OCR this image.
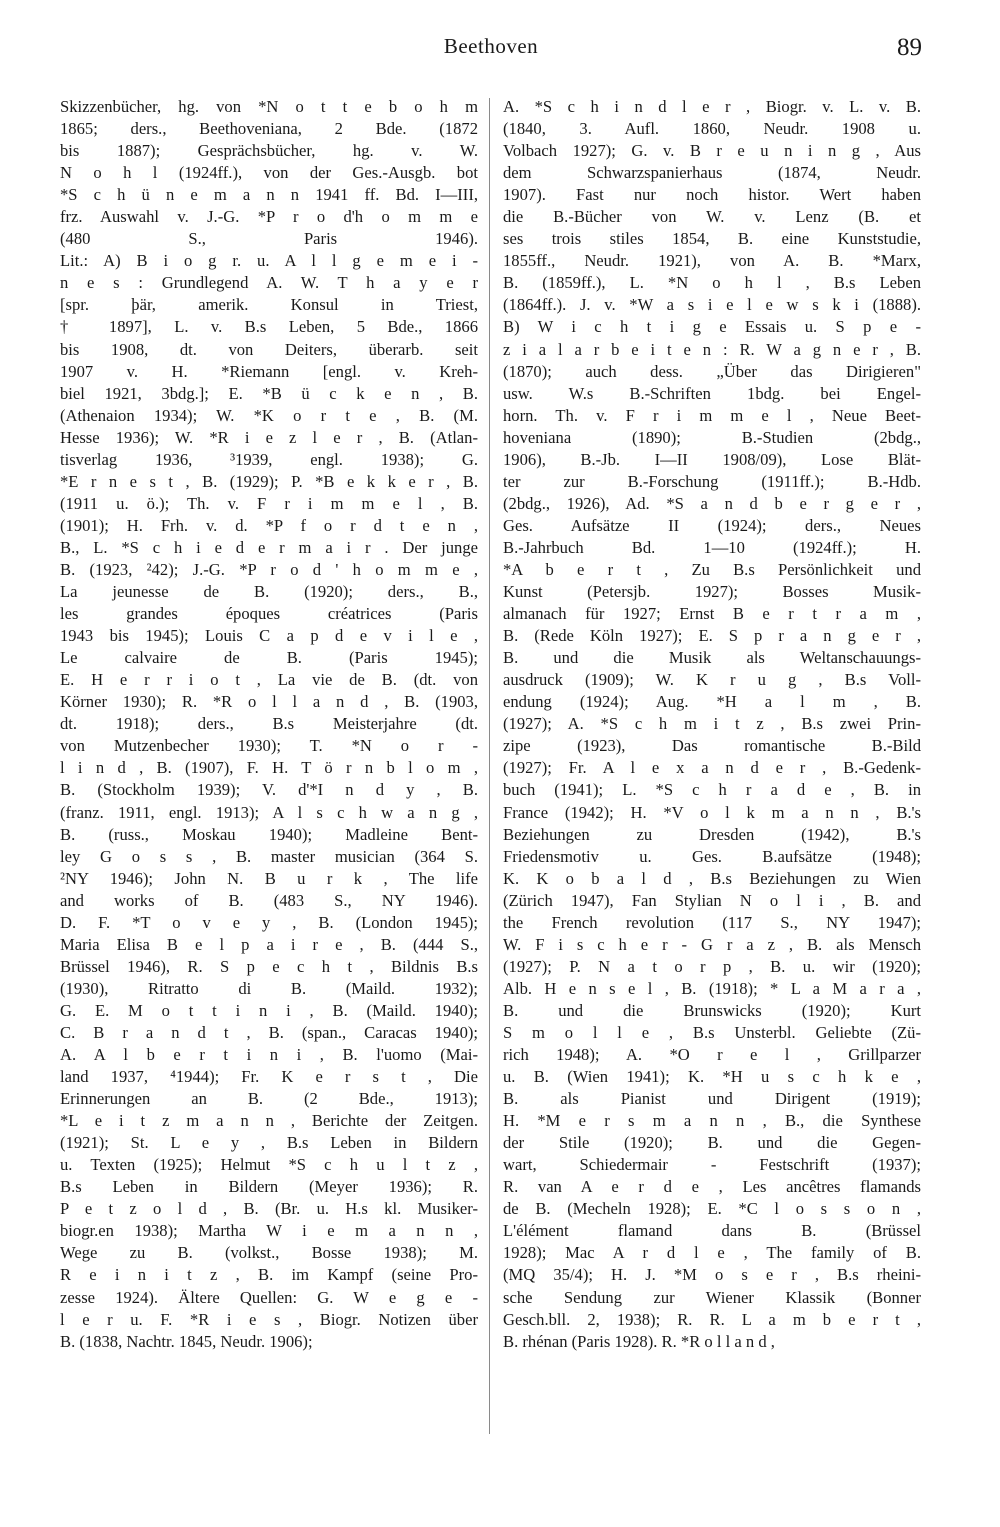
Beethoven	89
Skizzenbücher, hg. von *N o t t e b o h m
1865; ders., Beethoveniana, 2 Bde. (1872
bis 1887); Gesprächsbücher, hg. v. W.
N o h l (1924ff.), von der Ges.-Ausgb. bot
*S c h ü n e m a n n 1941 ff. Bd. I—III,
frz. Auswahl v. J.-G. *P r o d'h o m m e
(480 S., Paris 1946).
Lit.: A) B i o g r. u. A l l g e m e i -
n e s : Grundlegend A. W. T h a y e r
[spr. þär, amerik. Konsul in Triest,
† 1897], L. v. B.s Leben, 5 Bde., 1866
bis 1908, dt. von Deiters, überarb. seit
1907 v. H. *Riemann [engl. v. Kreh-
biel 1921, 3bdg.]; E. *B ü c k e n , B.
(Athenaion 1934); W. *K o r t e , B. (M.
Hesse 1936); W. *R i e z l e r , B. (Atlan-
tisverlag 1936, ³1939, engl. 1938); G.
*E r n e s t , B. (1929); P. *B e k k e r , B.
(1911 u. ö.); Th. v. F r i m m e l , B.
(1901); H. Frh. v. d. *P f o r d t e n ,
B., L. *S c h i e d e r m a i r . Der junge
B. (1923, ²42); J.-G. *P r o d ' h o m m e ,
La jeunesse de B. (1920); ders., B.,
les grandes époques créatrices (Paris
1943 bis 1945); Louis C a p d e v i l e ,
Le calvaire de B. (Paris 1945);
E. H e r r i o t , La vie de B. (dt. von
Körner 1930); R. *R o l l a n d , B. (1903,
dt. 1918); ders., B.s Meisterjahre (dt.
von Mutzenbecher 1930); T. *N o r -
l i n d , B. (1907), F. H. T ö r n b l o m ,
B. (Stockholm 1939); V. d'*I n d y , B.
(franz. 1911, engl. 1913); A l s c h w a n g ,
B. (russ., Moskau 1940); Madleine Bent-
ley G o s s , B. master musician (364 S.
²NY 1946); John N. B u r k , The life
and works of B. (483 S., NY 1946).
D. F. *T o v e y , B. (London 1945);
Maria Elisa B e l p a i r e , B. (444 S.,
Brüssel 1946), R. S p e c h t , Bildnis B.s
(1930), Ritratto di B. (Maild. 1932);
G. E. M o t t i n i , B. (Maild. 1940);
C. B r a n d t , B. (span., Caracas 1940);
A. A l b e r t i n i , B. l'uomo (Mai-
land 1937, ⁴1944); Fr. K e r s t , Die
Erinnerungen an B. (2 Bde., 1913);
*L e i t z m a n n , Berichte der Zeitgen.
(1921); St. L e y , B.s Leben in Bildern
u. Texten (1925); Helmut *S c h u l t z ,
B.s Leben in Bildern (Meyer 1936); R.
P e t z o l d , B. (Br. u. H.s kl. Musiker-
biogr.en 1938); Martha W i e m a n n ,
Wege zu B. (volkst., Bosse 1938); M.
R e i n i t z , B. im Kampf (seine Pro-
zesse 1924). Ältere Quellen: G. W e g e -
l e r u. F. *R i e s , Biogr. Notizen über
B. (1838, Nachtr. 1845, Neudr. 1906);
A. *S c h i n d l e r , Biogr. v. L. v. B.
(1840, 3. Aufl. 1860, Neudr. 1908 u.
Volbach 1927); G. v. B r e u n i n g , Aus
dem Schwarzspanierhaus (1874, Neudr.
1907). Fast nur noch histor. Wert haben
die B.-Bücher von W. v. Lenz (B. et
ses trois stiles 1854, B. eine Kunststudie,
1855ff., Neudr. 1921), von A. B. *Marx,
B. (1859ff.), L. *N o h l , B.s Leben
(1864ff.). J. v. *W a s i e l e w s k i (1888).
B) W i c h t i g e Essais u. S p e -
z i a l a r b e i t e n : R. W a g n e r , B.
(1870); auch dess. „Über das Dirigieren"
usw. W.s B.-Schriften 1bdg. bei Engel-
horn. Th. v. F r i m m e l , Neue Beet-
hoveniana (1890); B.-Studien (2bdg.,
1906), B.-Jb. I—II 1908/09), Lose Blät-
ter zur B.-Forschung (1911ff.); B.-Hdb.
(2bdg., 1926), Ad. *S a n d b e r g e r ,
Ges. Aufsätze II (1924); ders., Neues
B.-Jahrbuch Bd. 1—10 (1924ff.); H.
*A b e r t , Zu B.s Persönlichkeit und
Kunst (Petersjb. 1927); Bosses Musik-
almanach für 1927; Ernst B e r t r a m ,
B. (Rede Köln 1927); E. S p r a n g e r ,
B. und die Musik als Weltanschauungs-
ausdruck (1909); W. K r u g , B.s Voll-
endung (1924); Aug. *H a l m , B.
(1927); A. *S c h m i t z , B.s zwei Prin-
zipe (1923), Das romantische B.-Bild
(1927); Fr. A l e x a n d e r , B.-Gedenk-
buch (1941); L. *S c h r a d e , B. in
France (1942); H. *V o l k m a n n , B.'s
Beziehungen zu Dresden (1942), B.'s
Friedensmotiv u. Ges. B.aufsätze (1948);
K. K o b a l d , B.s Beziehungen zu Wien
(Zürich 1947), Fan Stylian N o l i , B. and
the French revolution (117 S., NY 1947);
W. F i s c h e r - G r a z , B. als Mensch
(1927); P. N a t o r p , B. u. wir (1920);
Alb. H e n s e l , B. (1918); * L a M a r a ,
B. und die Brunswicks (1920); Kurt
S m o l l e , B.s Unsterbl. Geliebte (Zü-
rich 1948); A. *O r e l , Grillparzer
u. B. (Wien 1941); K. *H u s c h k e ,
B. als Pianist und Dirigent (1919);
H. *M e r s m a n n , B., die Synthese
der Stile (1920); B. und die Gegen-
wart, Schiedermair - Festschrift (1937);
R. van A e r d e , Les ancêtres flamands
de B. (Mecheln 1928); E. *C l o s s o n ,
L'élément flamand dans B. (Brüssel
1928); Mac A r d l e , The family of B.
(MQ 35/4); H. J. *M o s e r , B.s rheini-
sche Sendung zur Wiener Klassik (Bonner
Gesch.bll. 2, 1938); R. R. L a m b e r t ,
B. rhénan (Paris 1928). R. *R o l l a n d ,
